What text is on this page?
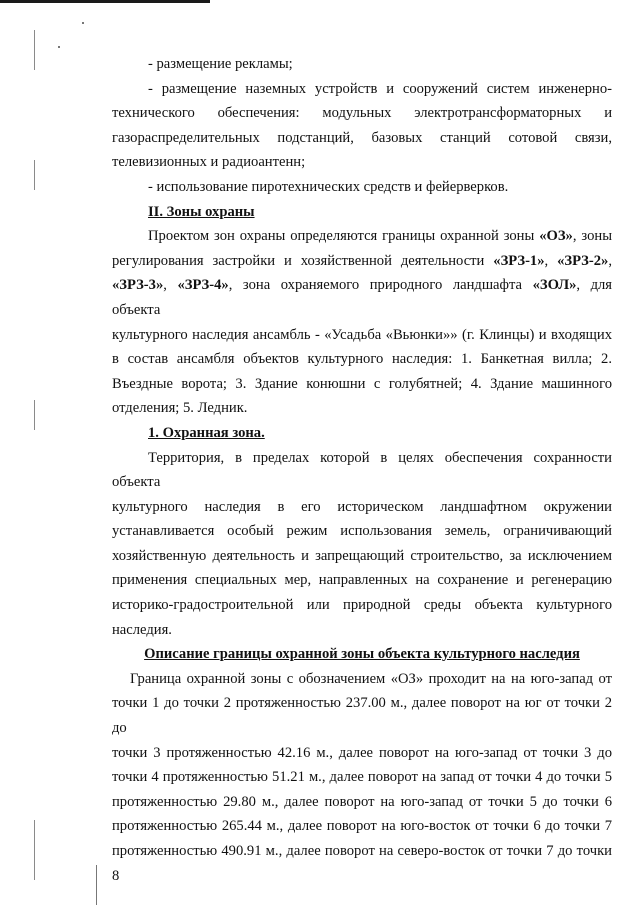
- размещение рекламы;

- размещение наземных устройств и сооружений систем инженерно-

технического обеспечения: модульных электротрансформаторных и

газораспределительных подстанций, базовых станций сотовой связи,

телевизионных и радиоантенн;

- использование пиротехнических средств и фейерверков.

II. Зоны охраны

Проектом зон охраны определяются границы охранной зоны «ОЗ», зоны

регулирования застройки и хозяйственной деятельности «ЗРЗ-1», «ЗРЗ-2»,

«ЗРЗ-3», «ЗРЗ-4», зона охраняемого природного ландшафта «ЗОЛ», для объекта

культурного наследия ансамбль - «Усадьба «Вьюнки»» (г. Клинцы) и входящих

в состав ансамбля объектов культурного наследия: 1. Банкетная вилла; 2.

Въездные ворота; 3. Здание конюшни с голубятней; 4. Здание машинного

отделения; 5. Ледник.

1. Охранная зона.

Территория, в пределах которой в целях обеспечения сохранности объекта

культурного наследия в его историческом ландшафтном окружении

устанавливается особый режим использования земель, ограничивающий

хозяйственную деятельность и запрещающий строительство, за исключением

применения специальных мер, направленных на сохранение и регенерацию

историко-градостроительной или природной среды объекта культурного

наследия.

Описание границы охранной зоны объекта культурного наследия

Граница охранной зоны с обозначением «ОЗ» проходит на на юго-запад от

точки 1 до точки 2 протяженностью 237.00 м., далее поворот на юг от точки 2 до

точки 3 протяженностью 42.16 м., далее поворот на юго-запад от точки 3 до

точки 4 протяженностью 51.21 м., далее поворот на запад от точки 4 до точки 5

протяженностью 29.80 м., далее поворот на юго-запад от точки 5 до точки 6

протяженностью 265.44 м., далее поворот на юго-восток от точки 6 до точки 7

протяженностью 490.91 м., далее поворот на северо-восток от точки 7 до точки 8
